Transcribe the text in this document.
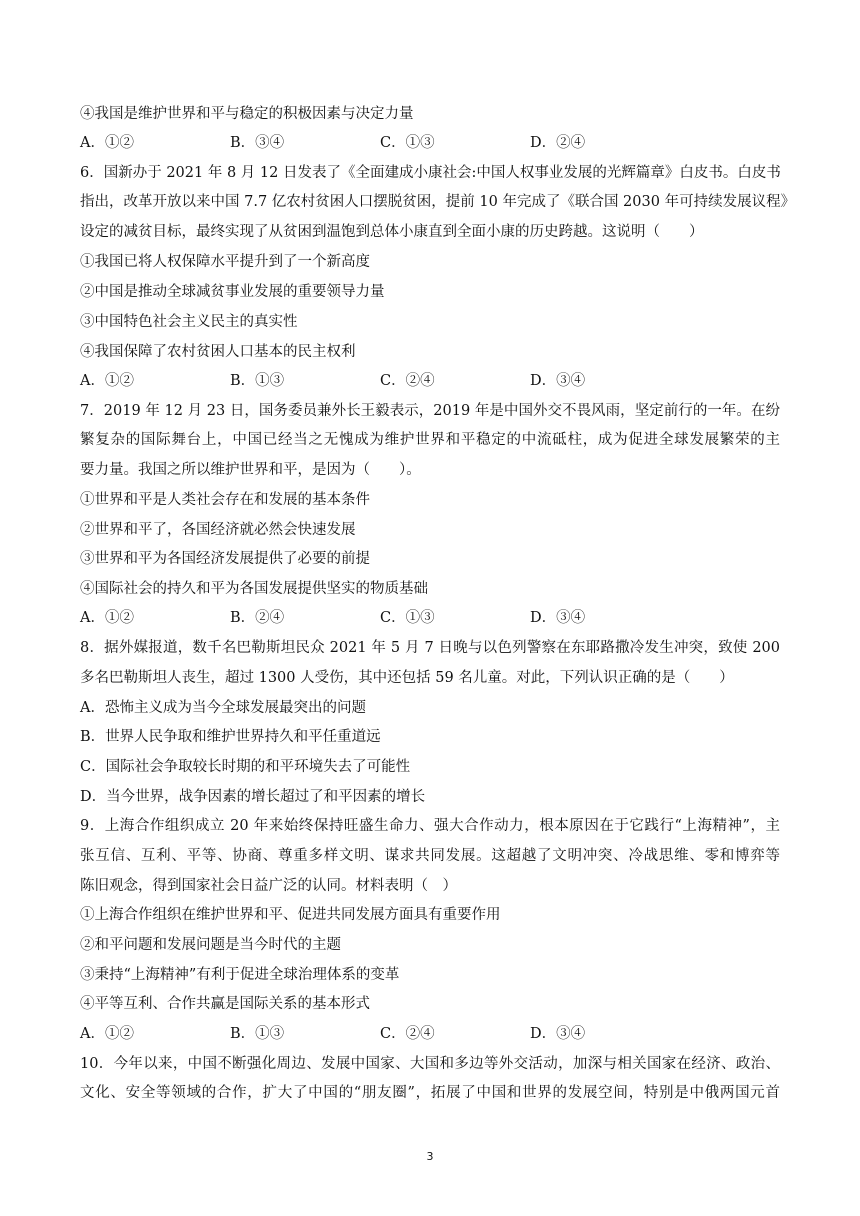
④我国是维护世界和平与稳定的积极因素与决定力量
A．①②	B．③④	C．①③	D．②④
6．国新办于 2021 年 8 月 12 日发表了《全面建成小康社会:中国人权事业发展的光辉篇章》白皮书。白皮书
指出，改革开放以来中国 7.7 亿农村贫困人口摆脱贫困，提前 10 年完成了《联合国 2030 年可持续发展议程》
设定的减贫目标，最终实现了从贫困到温饱到总体小康直到全面小康的历史跨越。这说明（　　）
①我国已将人权保障水平提升到了一个新高度
②中国是推动全球减贫事业发展的重要领导力量
③中国特色社会主义民主的真实性
④我国保障了农村贫困人口基本的民主权利
A．①②	B．①③	C．②④	D．③④
7．2019 年 12 月 23 日，国务委员兼外长王毅表示，2019 年是中国外交不畏风雨，坚定前行的一年。在纷
繁复杂的国际舞台上，中国已经当之无愧成为维护世界和平稳定的中流砥柱，成为促进全球发展繁荣的主
要力量。我国之所以维护世界和平，是因为（　　）。
①世界和平是人类社会存在和发展的基本条件
②世界和平了，各国经济就必然会快速发展
③世界和平为各国经济发展提供了必要的前提
④国际社会的持久和平为各国发展提供坚实的物质基础
A．①②	B．②④	C．①③	D．③④
8．据外媒报道，数千名巴勒斯坦民众 2021 年 5 月 7 日晚与以色列警察在东耶路撒冷发生冲突，致使 200
多名巴勒斯坦人丧生，超过 1300 人受伤，其中还包括 59 名儿童。对此，下列认识正确的是（　　）
A．恐怖主义成为当今全球发展最突出的问题
B．世界人民争取和维护世界持久和平任重道远
C．国际社会争取较长时期的和平环境失去了可能性
D．当今世界，战争因素的增长超过了和平因素的增长
9．上海合作组织成立 20 年来始终保持旺盛生命力、强大合作动力，根本原因在于它践行“上海精神”，主
张互信、互利、平等、协商、尊重多样文明、谋求共同发展。这超越了文明冲突、冷战思维、零和博弈等
陈旧观念，得到国家社会日益广泛的认同。材料表明（　）
①上海合作组织在维护世界和平、促进共同发展方面具有重要作用
②和平问题和发展问题是当今时代的主题
③秉持“上海精神”有利于促进全球治理体系的变革
④平等互利、合作共赢是国际关系的基本形式
A．①②	B．①③	C．②④	D．③④
10．今年以来，中国不断强化周边、发展中国家、大国和多边等外交活动，加深与相关国家在经济、政治、
文化、安全等领域的合作，扩大了中国的“朋友圈”，拓展了中国和世界的发展空间，特别是中俄两国元首
3
